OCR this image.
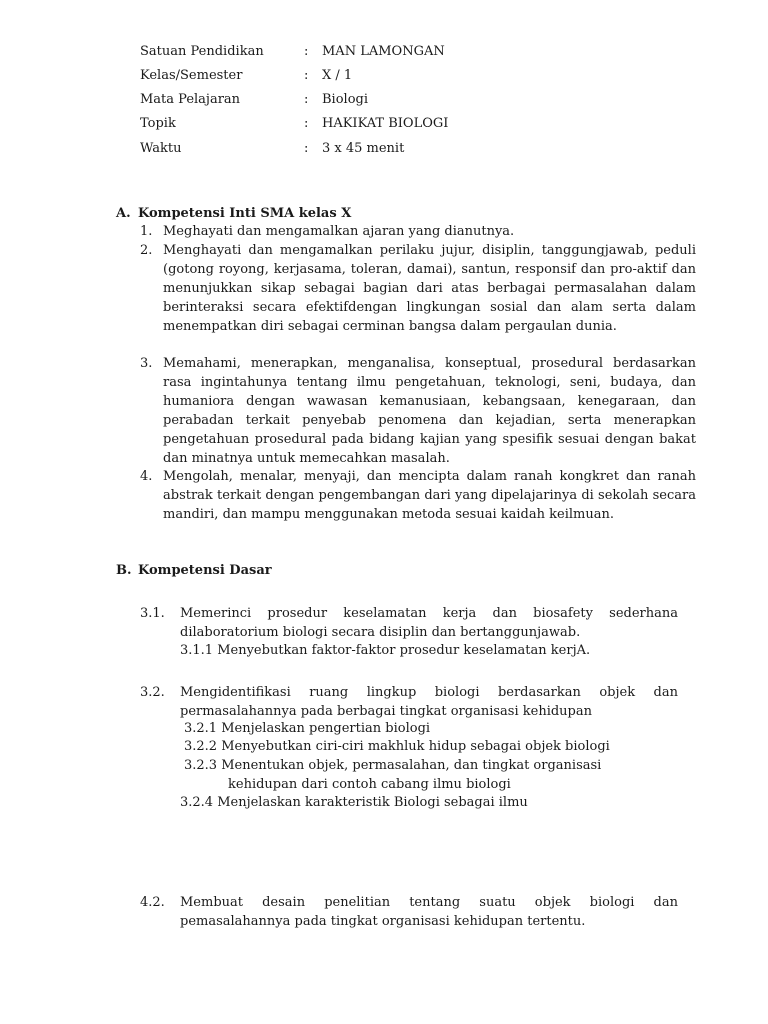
Satuan Pendidikan	: MAN LAMONGAN
Kelas/Semester	: X / 1
Mata Pelajaran	: Biologi
Topik	: HAKIKAT BIOLOGI
Waktu	: 3 x 45 menit
A. Kompetensi Inti SMA kelas X
1. Meghayati dan mengamalkan ajaran yang dianutnya.
2. Menghayati dan mengamalkan perilaku jujur, disiplin, tanggungjawab, peduli (gotong royong, kerjasama, toleran, damai), santun, responsif dan pro-aktif dan menunjukkan sikap sebagai bagian dari atas berbagai permasalahan dalam berinteraksi secara efektifdengan lingkungan sosial dan alam serta dalam menempatkan diri sebagai cerminan bangsa dalam pergaulan dunia.
3. Memahami, menerapkan, menganalisa, konseptual, prosedural berdasarkan rasa ingintahunya tentang ilmu pengetahuan, teknologi, seni, budaya, dan humaniora dengan wawasan kemanusiaan, kebangsaan, kenegaraan, dan perabadan terkait penyebab penomena dan kejadian, serta menerapkan pengetahuan prosedural pada bidang kajian yang spesifik sesuai dengan bakat dan minatnya untuk memecahkan masalah.
4. Mengolah, menalar, menyaji, dan mencipta dalam ranah kongkret dan ranah abstrak terkait dengan pengembangan dari yang dipelajarinya di sekolah secara mandiri, dan mampu menggunakan metoda sesuai kaidah keilmuan.
B. Kompetensi Dasar
3.1. Memerinci prosedur keselamatan kerja dan biosafety sederhana dilaboratorium biologi secara disiplin dan bertanggunjawab.
3.1.1 Menyebutkan faktor-faktor prosedur keselamatan kerjA.
3.2. Mengidentifikasi ruang lingkup biologi berdasarkan objek dan permasalahannya pada berbagai tingkat organisasi kehidupan
3.2.1 Menjelaskan pengertian biologi
3.2.2 Menyebutkan ciri-ciri makhluk hidup sebagai objek biologi
3.2.3 Menentukan objek, permasalahan, dan tingkat organisasi
kehidupan dari contoh cabang ilmu biologi
3.2.4 Menjelaskan karakteristik Biologi sebagai ilmu
4.2. Membuat desain penelitian tentang suatu objek biologi dan pemasalahannya pada tingkat organisasi kehidupan tertentu.
